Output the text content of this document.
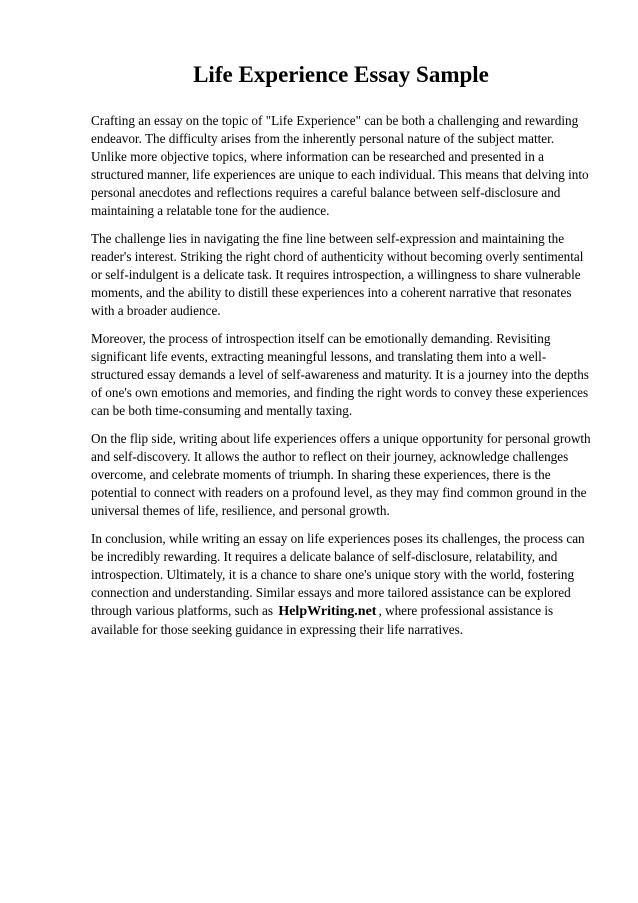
Life Experience Essay Sample

Crafting an essay on the topic of "Life Experience" can be both a challenging and rewarding endeavor. The difficulty arises from the inherently personal nature of the subject matter. Unlike more objective topics, where information can be researched and presented in a structured manner, life experiences are unique to each individual. This means that delving into personal anecdotes and reflections requires a careful balance between self-disclosure and maintaining a relatable tone for the audience.

The challenge lies in navigating the fine line between self-expression and maintaining the reader's interest. Striking the right chord of authenticity without becoming overly sentimental or self-indulgent is a delicate task. It requires introspection, a willingness to share vulnerable moments, and the ability to distill these experiences into a coherent narrative that resonates with a broader audience.

Moreover, the process of introspection itself can be emotionally demanding. Revisiting significant life events, extracting meaningful lessons, and translating them into a well-structured essay demands a level of self-awareness and maturity. It is a journey into the depths of one's own emotions and memories, and finding the right words to convey these experiences can be both time-consuming and mentally taxing.

On the flip side, writing about life experiences offers a unique opportunity for personal growth and self-discovery. It allows the author to reflect on their journey, acknowledge challenges overcome, and celebrate moments of triumph. In sharing these experiences, there is the potential to connect with readers on a profound level, as they may find common ground in the universal themes of life, resilience, and personal growth.

In conclusion, while writing an essay on life experiences poses its challenges, the process can be incredibly rewarding. It requires a delicate balance of self-disclosure, relatability, and introspection. Ultimately, it is a chance to share one's unique story with the world, fostering connection and understanding. Similar essays and more tailored assistance can be explored through various platforms, such as HelpWriting.net , where professional assistance is available for those seeking guidance in expressing their life narratives.
